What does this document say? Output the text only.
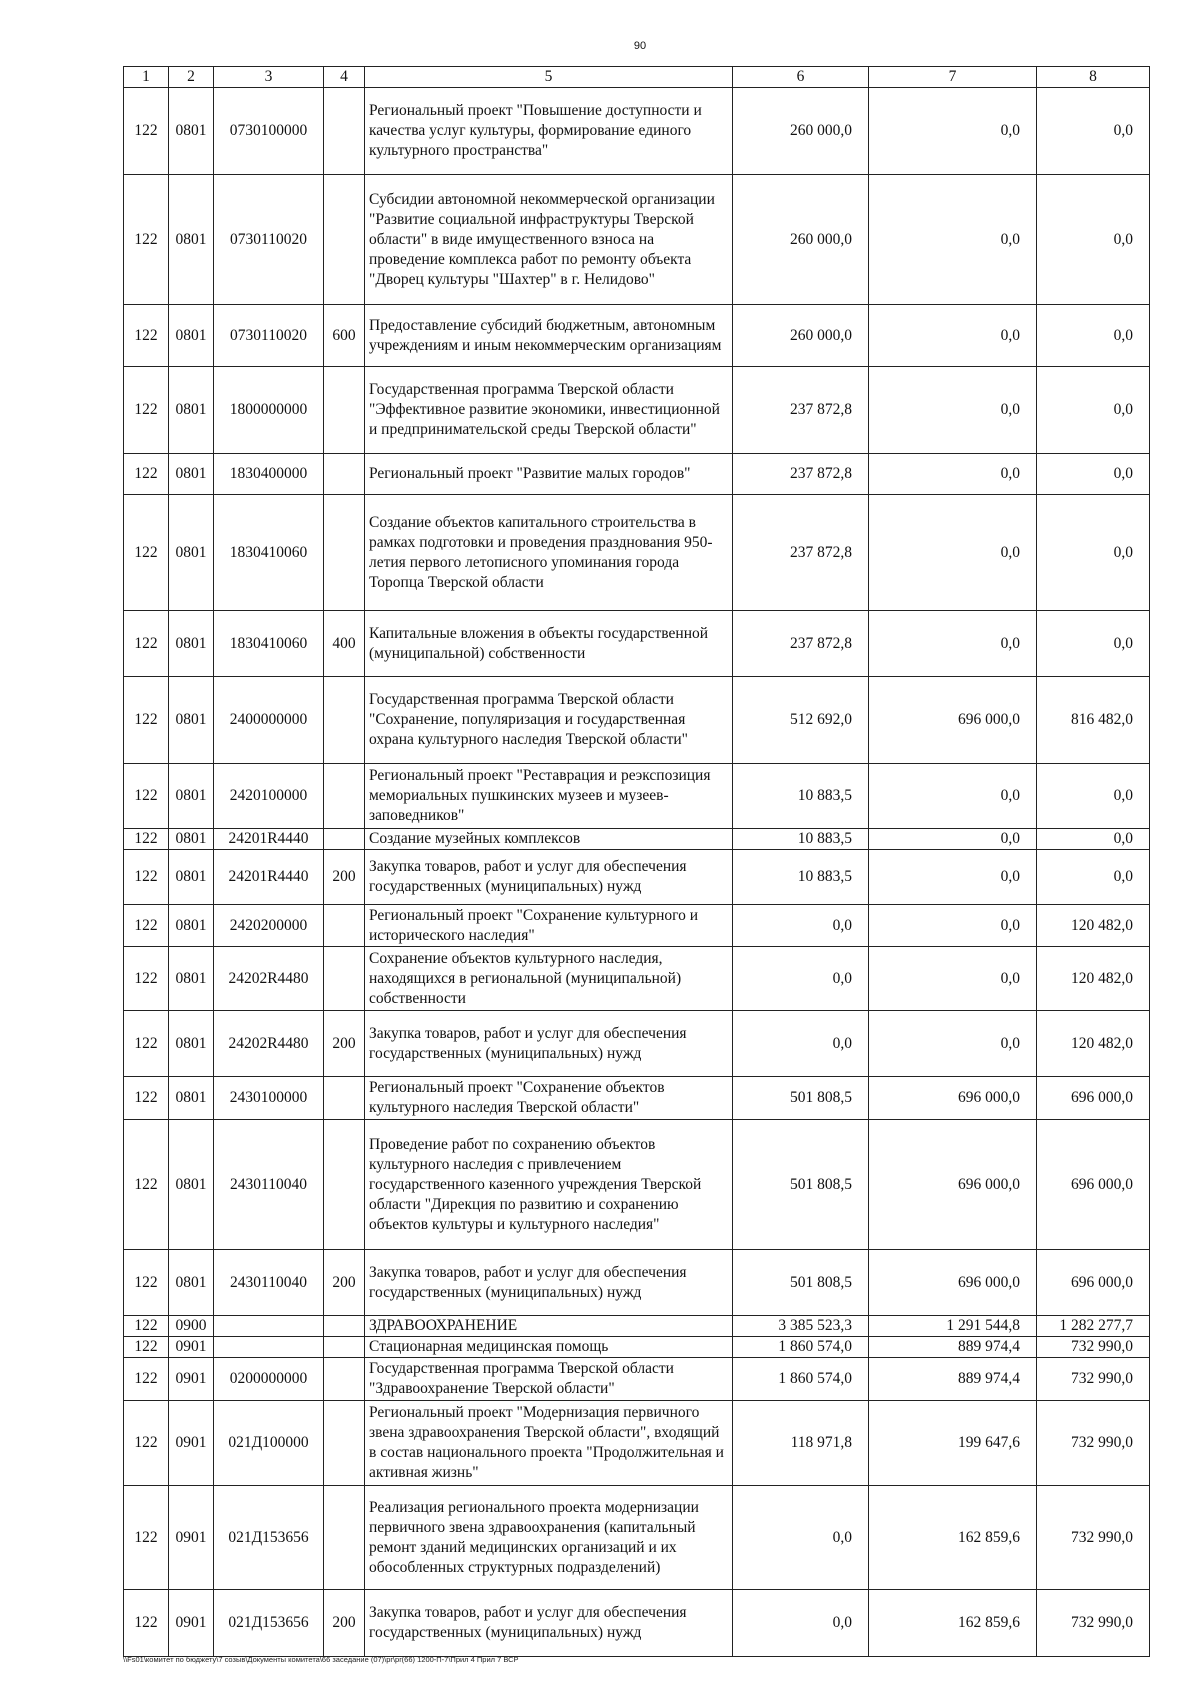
90
1	2	3	4	5	6	7	8
122	0801	0730100000		Региональный проект "Повышение доступности и качества услуг культуры, формирование единого культурного пространства"	260 000,0	0,0	0,0
122	0801	0730110020		Субсидии автономной некоммерческой организации "Развитие социальной инфраструктуры Тверской области" в виде имущественного взноса на проведение комплекса работ по ремонту объекта "Дворец культуры "Шахтер" в г. Нелидово"	260 000,0	0,0	0,0
122	0801	0730110020	600	Предоставление субсидий бюджетным, автономным учреждениям и иным некоммерческим организациям	260 000,0	0,0	0,0
122	0801	1800000000		Государственная программа Тверской области "Эффективное развитие экономики, инвестиционной и предпринимательской среды Тверской области"	237 872,8	0,0	0,0
122	0801	1830400000		Региональный проект "Развитие малых городов"	237 872,8	0,0	0,0
122	0801	1830410060		Создание объектов капитального строительства в рамках подготовки и проведения празднования 950-летия первого летописного упоминания города Торопца Тверской области	237 872,8	0,0	0,0
122	0801	1830410060	400	Капитальные вложения в объекты государственной (муниципальной) собственности	237 872,8	0,0	0,0
122	0801	2400000000		Государственная программа Тверской области "Сохранение, популяризация и государственная охрана культурного наследия Тверской области"	512 692,0	696 000,0	816 482,0
122	0801	2420100000		Региональный проект "Реставрация и реэкспозиция мемориальных пушкинских музеев и музеев-заповедников"	10 883,5	0,0	0,0
122	0801	24201R4440		Создание музейных комплексов	10 883,5	0,0	0,0
122	0801	24201R4440	200	Закупка товаров, работ и услуг для обеспечения государственных (муниципальных) нужд	10 883,5	0,0	0,0
122	0801	2420200000		Региональный проект "Сохранение культурного и исторического наследия"	0,0	0,0	120 482,0
122	0801	24202R4480		Сохранение объектов культурного наследия, находящихся в региональной (муниципальной) собственности	0,0	0,0	120 482,0
122	0801	24202R4480	200	Закупка товаров, работ и услуг для обеспечения государственных (муниципальных) нужд	0,0	0,0	120 482,0
122	0801	2430100000		Региональный проект "Сохранение объектов культурного наследия Тверской области"	501 808,5	696 000,0	696 000,0
122	0801	2430110040		Проведение работ по сохранению объектов культурного наследия с привлечением государственного казенного учреждения Тверской области "Дирекция по развитию и сохранению объектов культуры и культурного наследия"	501 808,5	696 000,0	696 000,0
122	0801	2430110040	200	Закупка товаров, работ и услуг для обеспечения государственных (муниципальных) нужд	501 808,5	696 000,0	696 000,0
122	0900			ЗДРАВООХРАНЕНИЕ	3 385 523,3	1 291 544,8	1 282 277,7
122	0901			Стационарная медицинская помощь	1 860 574,0	889 974,4	732 990,0
122	0901	0200000000		Государственная программа Тверской области "Здравоохранение Тверской области"	1 860 574,0	889 974,4	732 990,0
122	0901	021Д100000		Региональный проект "Модернизация первичного звена здравоохранения Тверской области", входящий в состав национального проекта "Продолжительная и активная жизнь"	118 971,8	199 647,6	732 990,0
122	0901	021Д153656		Реализация регионального проекта модернизации первичного звена здравоохранения (капитальный ремонт зданий медицинских организаций и их обособленных структурных подразделений)	0,0	162 859,6	732 990,0
122	0901	021Д153656	200	Закупка товаров, работ и услуг для обеспечения государственных (муниципальных) нужд	0,0	162 859,6	732 990,0
\\Fs01\комитет по бюджету\7 созыв\Документы комитета\66 заседание (07)\pr\pr(66) 1200-П-7\Прил 4 Прил 7 ВСР
